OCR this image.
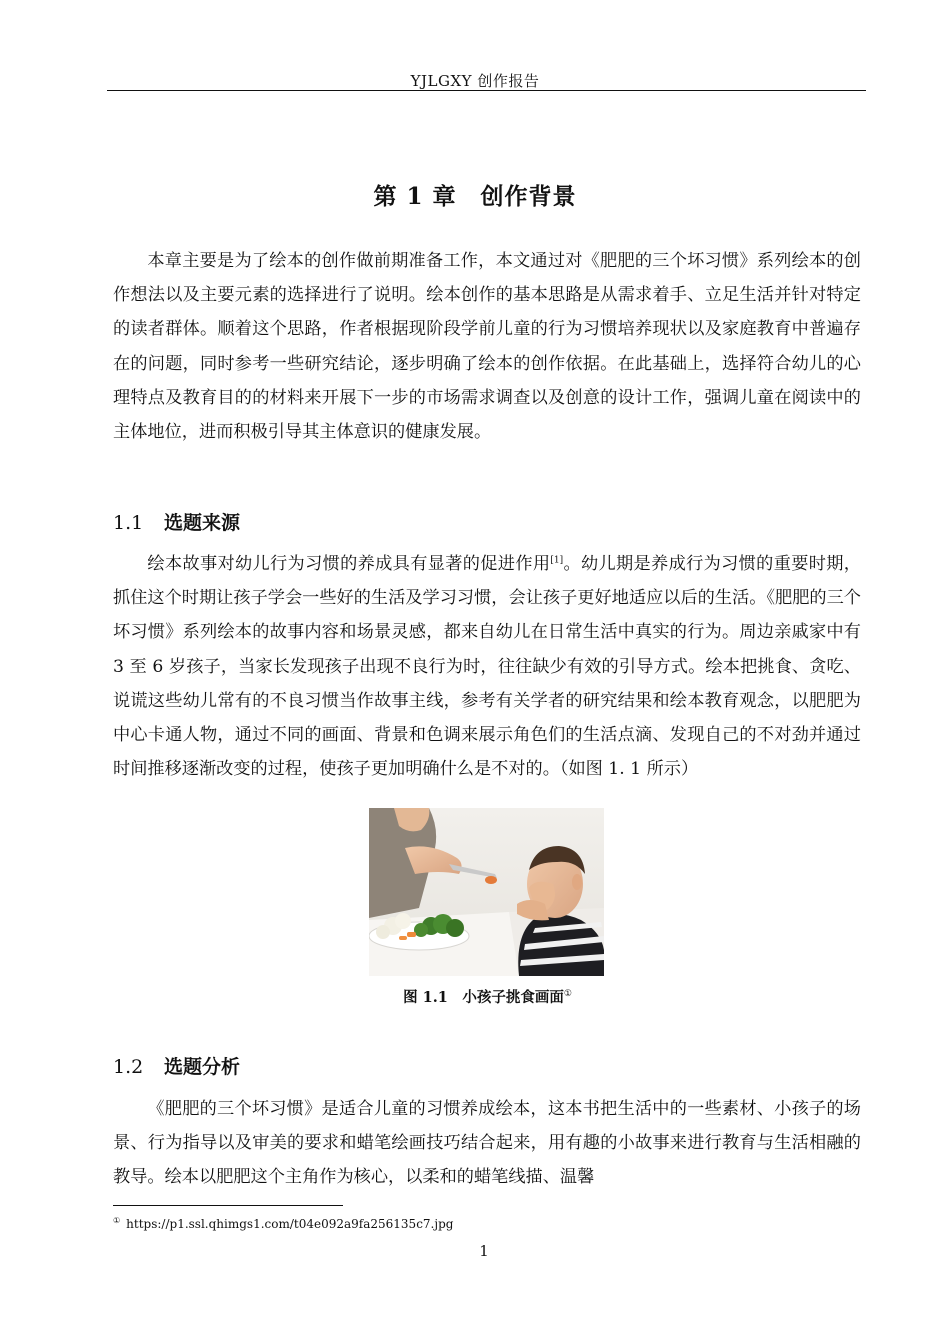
YJLGXY 创作报告
第 1 章　创作背景

本章主要是为了绘本的创作做前期准备工作，本文通过对《肥肥的三个坏习惯》系列绘本的创作想法以及主要元素的选择进行了说明。绘本创作的基本思路是从需求着手、立足生活并针对特定的读者群体。顺着这个思路，作者根据现阶段学前儿童的行为习惯培养现状以及家庭教育中普遍存在的问题，同时参考一些研究结论，逐步明确了绘本的创作依据。在此基础上，选择符合幼儿的心理特点及教育目的的材料来开展下一步的市场需求调查以及创意的设计工作，强调儿童在阅读中的主体地位，进而积极引导其主体意识的健康发展。

1.1 选题来源

绘本故事对幼儿行为习惯的养成具有显著的促进作用[1]。幼儿期是养成行为习惯的重要时期，抓住这个时期让孩子学会一些好的生活及学习习惯，会让孩子更好地适应以后的生活。《肥肥的三个坏习惯》系列绘本的故事内容和场景灵感，都来自幼儿在日常生活中真实的行为。周边亲戚家中有 3 至 6 岁孩子，当家长发现孩子出现不良行为时，往往缺少有效的引导方式。绘本把挑食、贪吃、说谎这些幼儿常有的不良习惯当作故事主线，参考有关学者的研究结果和绘本教育观念，以肥肥为中心卡通人物，通过不同的画面、背景和色调来展示角色们的生活点滴、发现自己的不对劲并通过时间推移逐渐改变的过程，使孩子更加明确什么是不对的。（如图 1. 1 所示）

图 1.1　小孩子挑食画面①
1.2 选题分析

《肥肥的三个坏习惯》是适合儿童的习惯养成绘本，这本书把生活中的一些素材、小孩子的场景、行为指导以及审美的要求和蜡笔绘画技巧结合起来，用有趣的小故事来进行教育与生活相融的教导。绘本以肥肥这个主角作为核心，以柔和的蜡笔线描、温馨

① https://p1.ssl.qhimgs1.com/t04e092a9fa256135c7.jpg
1
